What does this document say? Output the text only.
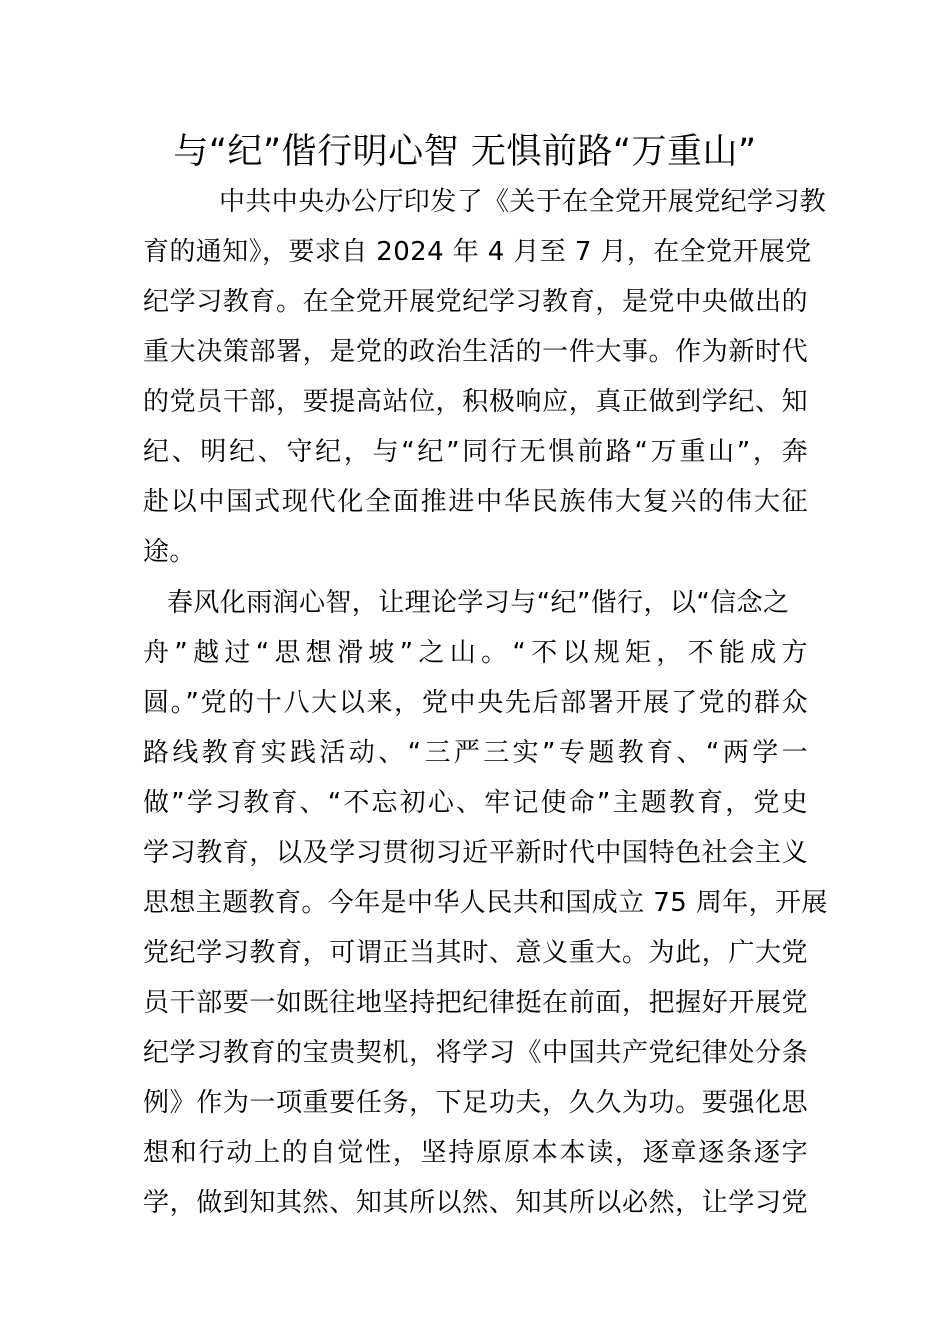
与“纪”偕行明心智 无惧前路“万重山”
中共中央办公厅印发了《关于在全党开展党纪学习教
育的通知》，要求自 2024 年 4 月至 7 月，在全党开展党
纪学习教育。在全党开展党纪学习教育，是党中央做出的
重大决策部署，是党的政治生活的一件大事。作为新时代
的党员干部，要提高站位，积极响应，真正做到学纪、知
纪、明纪、守纪，与“纪”同行无惧前路“万重山”，奔
赴以中国式现代化全面推进中华民族伟大复兴的伟大征
途。
春风化雨润心智，让理论学习与“纪”偕行，以“信念之
舟”越过“思想滑坡”之山。“不以规矩，不能成方
圆。”党的十八大以来，党中央先后部署开展了党的群众
路线教育实践活动、“三严三实”专题教育、“两学一
做”学习教育、“不忘初心、牢记使命”主题教育，党史
学习教育，以及学习贯彻习近平新时代中国特色社会主义
思想主题教育。今年是中华人民共和国成立 75 周年，开展
党纪学习教育，可谓正当其时、意义重大。为此，广大党
员干部要一如既往地坚持把纪律挺在前面，把握好开展党
纪学习教育的宝贵契机，将学习《中国共产党纪律处分条
例》作为一项重要任务，下足功夫，久久为功。要强化思
想和行动上的自觉性，坚持原原本本读，逐章逐条逐字
学，做到知其然、知其所以然、知其所以必然，让学习党
